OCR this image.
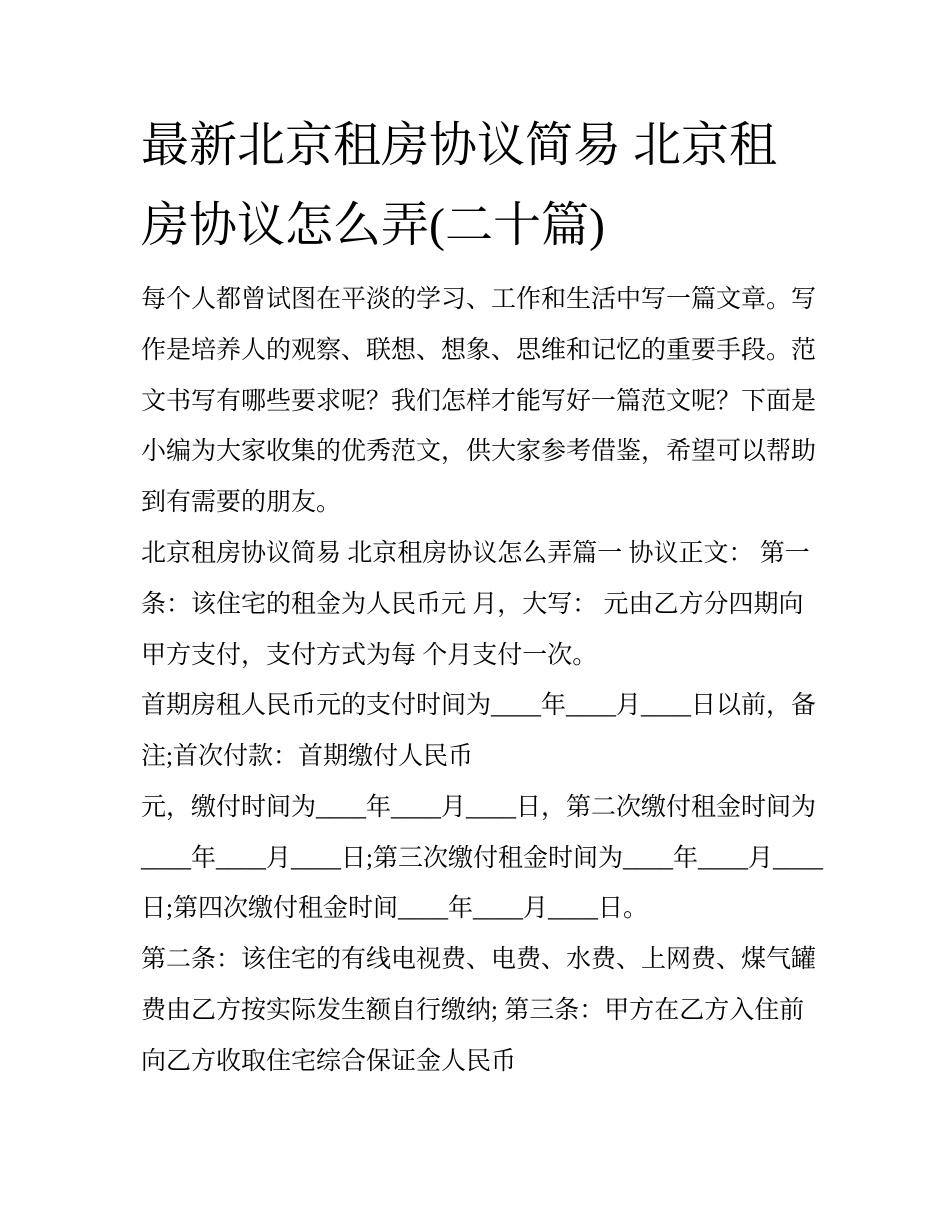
最新北京租房协议简易 北京租
房协议怎么弄(二十篇)
每个人都曾试图在平淡的学习、工作和生活中写一篇文章。写
作是培养人的观察、联想、想象、思维和记忆的重要手段。范
文书写有哪些要求呢？我们怎样才能写好一篇范文呢？下面是
小编为大家收集的优秀范文，供大家参考借鉴，希望可以帮助
到有需要的朋友。
北京租房协议简易 北京租房协议怎么弄篇一 协议正文： 第一
条：该住宅的租金为人民币元 月，大写： 元由乙方分四期向
甲方支付，支付方式为每 个月支付一次。
首期房租人民币元的支付时间为____年____月____日以前，备
注;首次付款：首期缴付人民币
元，缴付时间为____年____月____日，第二次缴付租金时间为
____年____月____日;第三次缴付租金时间为____年____月____
日;第四次缴付租金时间____年____月____日。
第二条：该住宅的有线电视费、电费、水费、上网费、煤气罐
费由乙方按实际发生额自行缴纳; 第三条：甲方在乙方入住前
向乙方收取住宅综合保证金人民币
